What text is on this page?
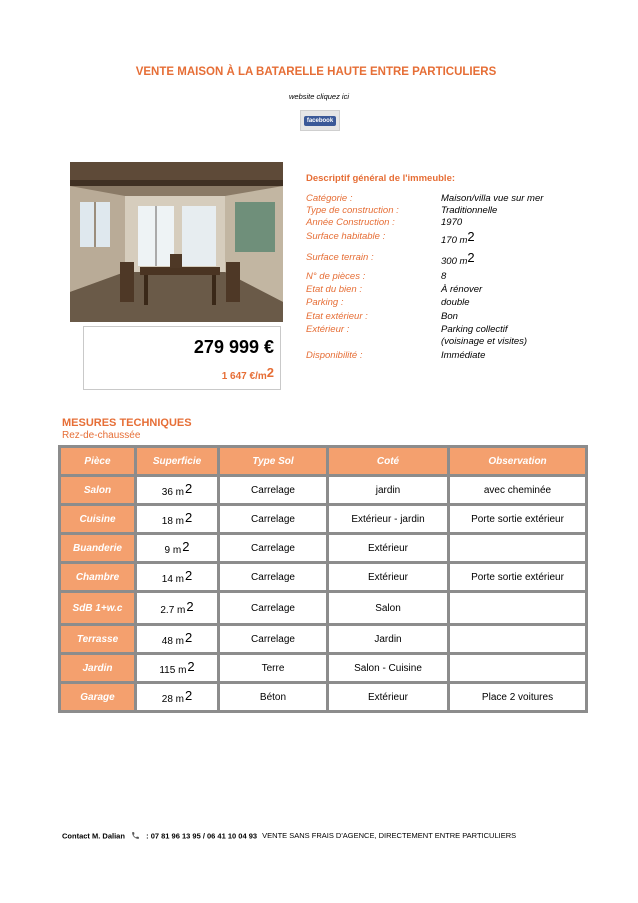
VENTE MAISON À LA BATARELLE HAUTE ENTRE PARTICULIERS
website cliquez ici
facebook
279 999 €
1 647 $€/m^2$
Descriptif général de l'immeuble:
Catégorie :	Maison/villa vue sur mer
Type de construction :	Traditionnelle
Année Construction :	1970
Surface habitable :	170 $m^2$
Surface terrain :	300 $m^2$
N° de pièces :	8
Etat du bien :	À rénover
Parking :	double
Etat extérieur :	Bon
Extérieur :	Parking collectif
(voisinage et visites)
Disponibilité :	Immédiate
MESURES TECHNIQUES
Rez-de-chaussée
Pièce	Superficie	Type Sol	Coté	Observation
Salon	36 $m^2$	Carrelage	jardin	avec cheminée
Cuisine	18 $m^2$	Carrelage	Extérieur - jardin	Porte sortie extérieur
Buanderie	9 $m^2$	Carrelage	Extérieur	
Chambre	14 $m^2$	Carrelage	Extérieur	Porte sortie extérieur
SdB 1+w.c	2.7 $m^2$	Carrelage	Salon	
Terrasse	48 $m^2$	Carrelage	Jardin	
Jardin	115 $m^2$	Terre	Salon - Cuisine	
Garage	28 $m^2$	Béton	Extérieur	Place 2 voitures
Contact M. Dalian	: 07 81 96 13 95 / 06 41 10 04 93 VENTE SANS FRAIS D'AGENCE, DIRECTEMENT ENTRE PARTICULIERS
